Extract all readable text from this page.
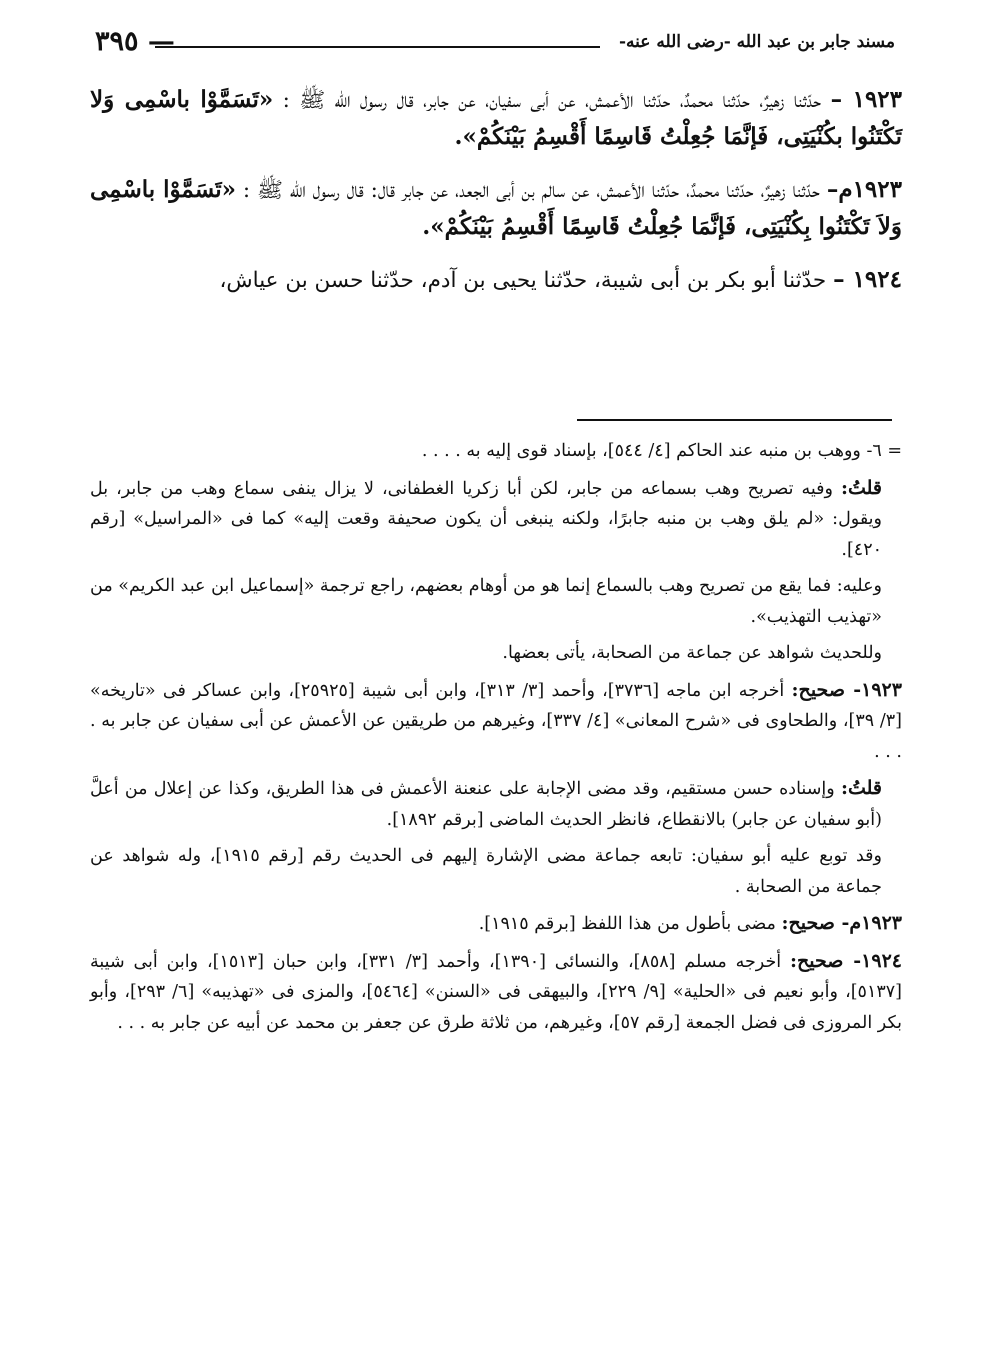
مسند جابر بن عبد الله -رضى الله عنه-
٣٩٥ —

١٩٢٣ – حدّثنا زهيرٌ، حدّثنا محمدٌ، حدّثنا الأعمش، عن أبى سفيان، عن جابر، قال رسول الله ﷺ : «تَسَمَّوْا باسْمِى وَلا تَكْتَنُوا بكُنْيَتِى، فَإنَّمَا جُعِلْتُ قَاسِمًا أَقْسِمُ بَيْنَكُمْ».

١٩٢٣م– حدّثنا زهيرٌ، حدّثنا محمدٌ، حدّثنا الأعمش، عن سالم بن أبى الجعد، عن جابر قال: قال رسول الله ﷺ : «تَسَمَّوْا باسْمِى وَلاَ تَكْتَنُوا بِكُنْيَتِى، فَإنَّمَا جُعِلْتُ قَاسِمًا أَقْسِمُ بَيْنَكُمْ».

١٩٢٤ – حدّثنا أبو بكر بن أبى شيبة، حدّثنا يحيى بن آدم، حدّثنا حسن بن عياش،

= ٦- ووهب بن منبه عند الحاكم [٤/ ٥٤٤]، بإسناد قوى إليه به . . . .

قلتُ: وفيه تصريح وهب بسماعه من جابر، لكن أبا زكريا الغطفانى، لا يزال ينفى سماع وهب من جابر، بل ويقول: «لم يلق وهب بن منبه جابرًا، ولكنه ينبغى أن يكون صحيفة وقعت إليه» كما فى «المراسيل» [رقم ٤٢٠].

وعليه: فما يقع من تصريح وهب بالسماع إنما هو من أوهام بعضهم، راجع ترجمة «إسماعيل ابن عبد الكريم» من «تهذيب التهذيب».

وللحديث شواهد عن جماعة من الصحابة، يأتى بعضها.

١٩٢٣- صحيح: أخرجه ابن ماجه [٣٧٣٦]، وأحمد [٣/ ٣١٣]، وابن أبى شيبة [٢٥٩٢٥]، وابن عساكر فى «تاريخه» [٣/ ٣٩]، والطحاوى فى «شرح المعانى» [٤/ ٣٣٧]، وغيرهم من طريقين عن الأعمش عن أبى سفيان عن جابر به . . . .

قلتُ: وإسناده حسن مستقيم، وقد مضى الإجابة على عنعنة الأعمش فى هذا الطريق، وكذا عن إعلال من أعلَّ (أبو سفيان عن جابر) بالانقطاع، فانظر الحديث الماضى [برقم ١٨٩٢].

وقد توبع عليه أبو سفيان: تابعه جماعة مضى الإشارة إليهم فى الحديث رقم [رقم ١٩١٥]، وله شواهد عن جماعة من الصحابة .

١٩٢٣م- صحيح: مضى بأطول من هذا اللفظ [برقم ١٩١٥].

١٩٢٤- صحيح: أخرجه مسلم [٨٥٨]، والنسائى [١٣٩٠]، وأحمد [٣/ ٣٣١]، وابن حبان [١٥١٣]، وابن أبى شيبة [٥١٣٧]، وأبو نعيم فى «الحلية» [٩/ ٢٢٩]، والبيهقى فى «السنن» [٥٤٦٤]، والمزى فى «تهذيبه» [٦/ ٢٩٣]، وأبو بكر المروزى فى فضل الجمعة [رقم ٥٧]، وغيرهم، من ثلاثة طرق عن جعفر بن محمد عن أبيه عن جابر به . . .
